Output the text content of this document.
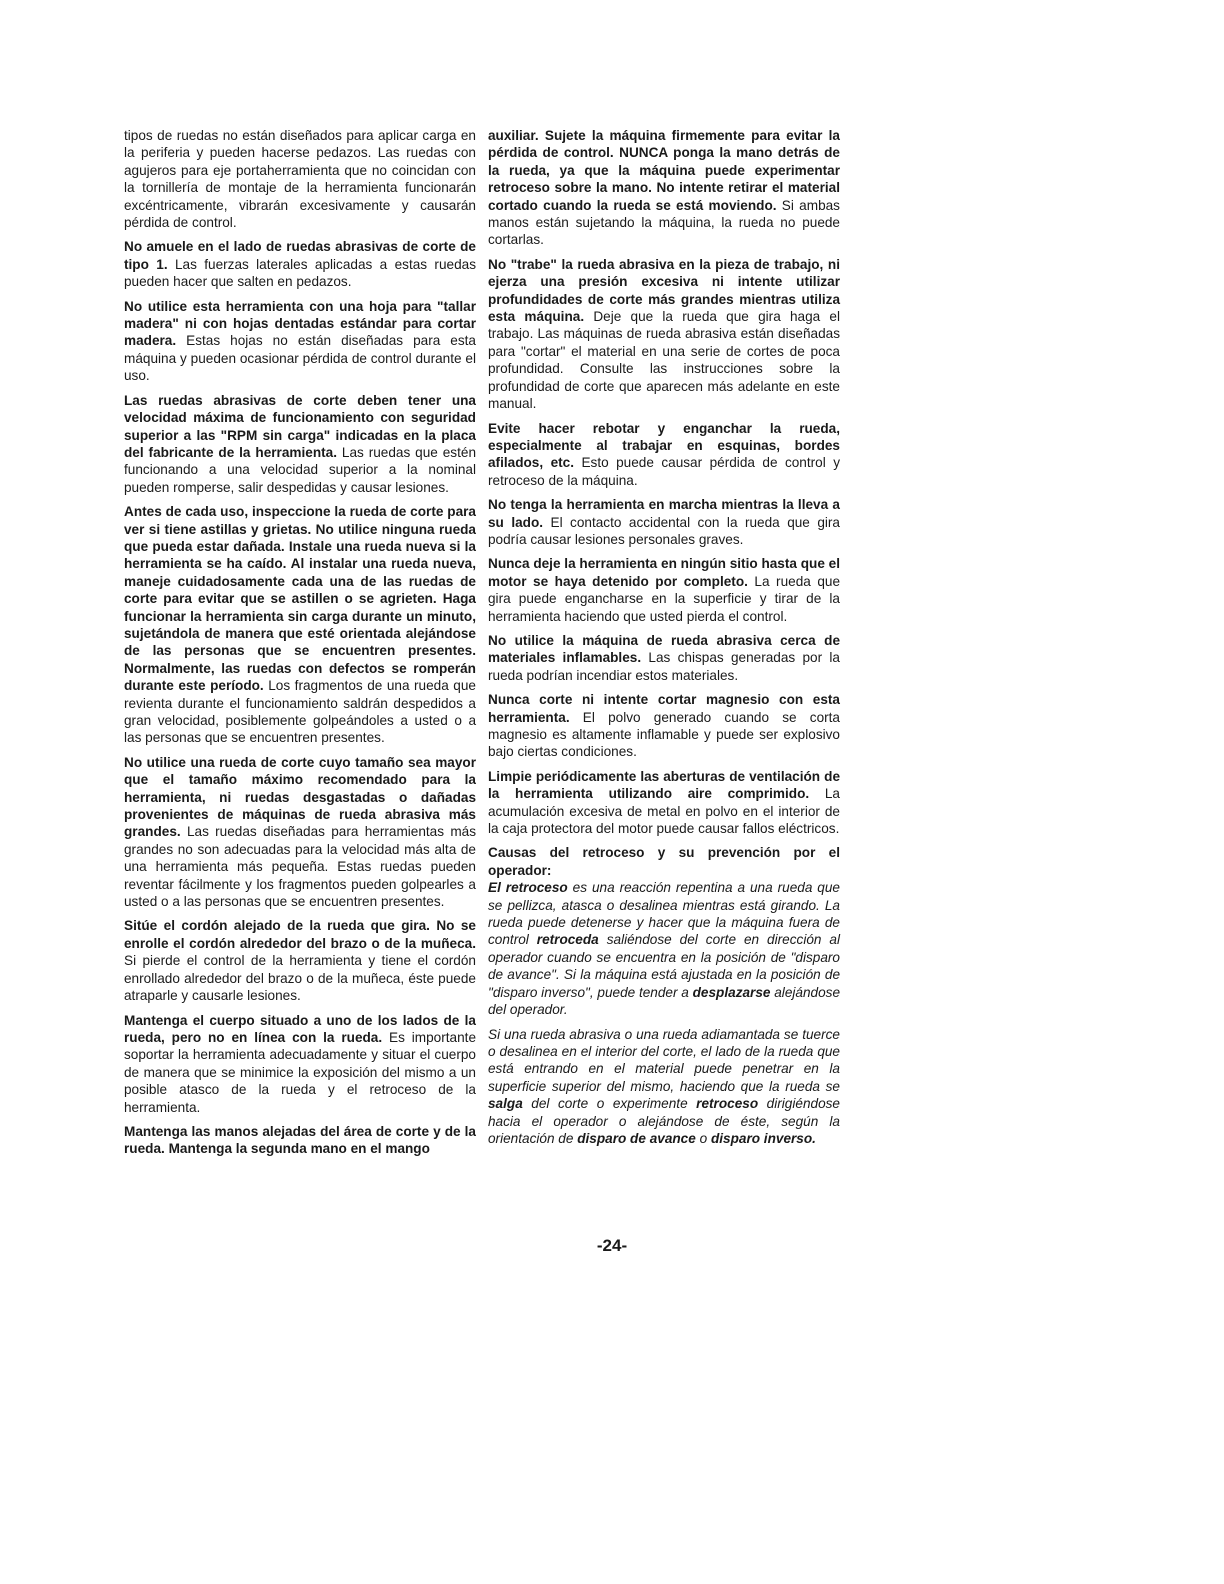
tipos de ruedas no están diseñados para aplicar carga en la periferia y pueden hacerse pedazos. Las ruedas con agujeros para eje portaherramienta que no coincidan con la tornillería de montaje de la herramienta funcionarán excéntricamente, vibrarán excesivamente y causarán pérdida de control.

No amuele en el lado de ruedas abrasivas de corte de tipo 1. Las fuerzas laterales aplicadas a estas ruedas pueden hacer que salten en pedazos.

No utilice esta herramienta con una hoja para "tallar madera" ni con hojas dentadas estándar para cortar madera. Estas hojas no están diseñadas para esta máquina y pueden ocasionar pérdida de control durante el uso.

Las ruedas abrasivas de corte deben tener una velocidad máxima de funcionamiento con seguridad superior a las "RPM sin carga" indicadas en la placa del fabricante de la herramienta. Las ruedas que estén funcionando a una velocidad superior a la nominal pueden romperse, salir despedidas y causar lesiones.

Antes de cada uso, inspeccione la rueda de corte para ver si tiene astillas y grietas. No utilice ninguna rueda que pueda estar dañada. Instale una rueda nueva si la herramienta se ha caído. Al instalar una rueda nueva, maneje cuidadosamente cada una de las ruedas de corte para evitar que se astillen o se agrieten. Haga funcionar la herramienta sin carga durante un minuto, sujetándola de manera que esté orientada alejándose de las personas que se encuentren presentes. Normalmente, las ruedas con defectos se romperán durante este período. Los fragmentos de una rueda que revienta durante el funcionamiento saldrán despedidos a gran velocidad, posiblemente golpeándoles a usted o a las personas que se encuentren presentes.

No utilice una rueda de corte cuyo tamaño sea mayor que el tamaño máximo recomendado para la herramienta, ni ruedas desgastadas o dañadas provenientes de máquinas de rueda abrasiva más grandes. Las ruedas diseñadas para herramientas más grandes no son adecuadas para la velocidad más alta de una herramienta más pequeña. Estas ruedas pueden reventar fácilmente y los fragmentos pueden golpearles a usted o a las personas que se encuentren presentes.

Sitúe el cordón alejado de la rueda que gira. No se enrolle el cordón alrededor del brazo o de la muñeca. Si pierde el control de la herramienta y tiene el cordón enrollado alrededor del brazo o de la muñeca, éste puede atraparle y causarle lesiones.

Mantenga el cuerpo situado a uno de los lados de la rueda, pero no en línea con la rueda. Es importante soportar la herramienta adecuadamente y situar el cuerpo de manera que se minimice la exposición del mismo a un posible atasco de la rueda y el retroceso de la herramienta.

Mantenga las manos alejadas del área de corte y de la rueda. Mantenga la segunda mano en el mango

auxiliar. Sujete la máquina firmemente para evitar la pérdida de control. NUNCA ponga la mano detrás de la rueda, ya que la máquina puede experimentar retroceso sobre la mano. No intente retirar el material cortado cuando la rueda se está moviendo. Si ambas manos están sujetando la máquina, la rueda no puede cortarlas.

No "trabe" la rueda abrasiva en la pieza de trabajo, ni ejerza una presión excesiva ni intente utilizar profundidades de corte más grandes mientras utiliza esta máquina. Deje que la rueda que gira haga el trabajo. Las máquinas de rueda abrasiva están diseñadas para "cortar" el material en una serie de cortes de poca profundidad. Consulte las instrucciones sobre la profundidad de corte que aparecen más adelante en este manual.

Evite hacer rebotar y enganchar la rueda, especialmente al trabajar en esquinas, bordes afilados, etc. Esto puede causar pérdida de control y retroceso de la máquina.

No tenga la herramienta en marcha mientras la lleva a su lado. El contacto accidental con la rueda que gira podría causar lesiones personales graves.

Nunca deje la herramienta en ningún sitio hasta que el motor se haya detenido por completo. La rueda que gira puede engancharse en la superficie y tirar de la herramienta haciendo que usted pierda el control.

No utilice la máquina de rueda abrasiva cerca de materiales inflamables. Las chispas generadas por la rueda podrían incendiar estos materiales.

Nunca corte ni intente cortar magnesio con esta herramienta. El polvo generado cuando se corta magnesio es altamente inflamable y puede ser explosivo bajo ciertas condiciones.

Limpie periódicamente las aberturas de ventilación de la herramienta utilizando aire comprimido. La acumulación excesiva de metal en polvo en el interior de la caja protectora del motor puede causar fallos eléctricos.

Causas del retroceso y su prevención por el operador:
El retroceso es una reacción repentina a una rueda que se pellizca, atasca o desalinea mientras está girando. La rueda puede detenerse y hacer que la máquina fuera de control retroceda saliéndose del corte en dirección al operador cuando se encuentra en la posición de "disparo de avance". Si la máquina está ajustada en la posición de "disparo inverso", puede tender a desplazarse alejándose del operador.

Si una rueda abrasiva o una rueda adiamantada se tuerce o desalinea en el interior del corte, el lado de la rueda que está entrando en el material puede penetrar en la superficie superior del mismo, haciendo que la rueda se salga del corte o experimente retroceso dirigiéndose hacia el operador o alejándose de éste, según la orientación de disparo de avance o disparo inverso.

-24-
